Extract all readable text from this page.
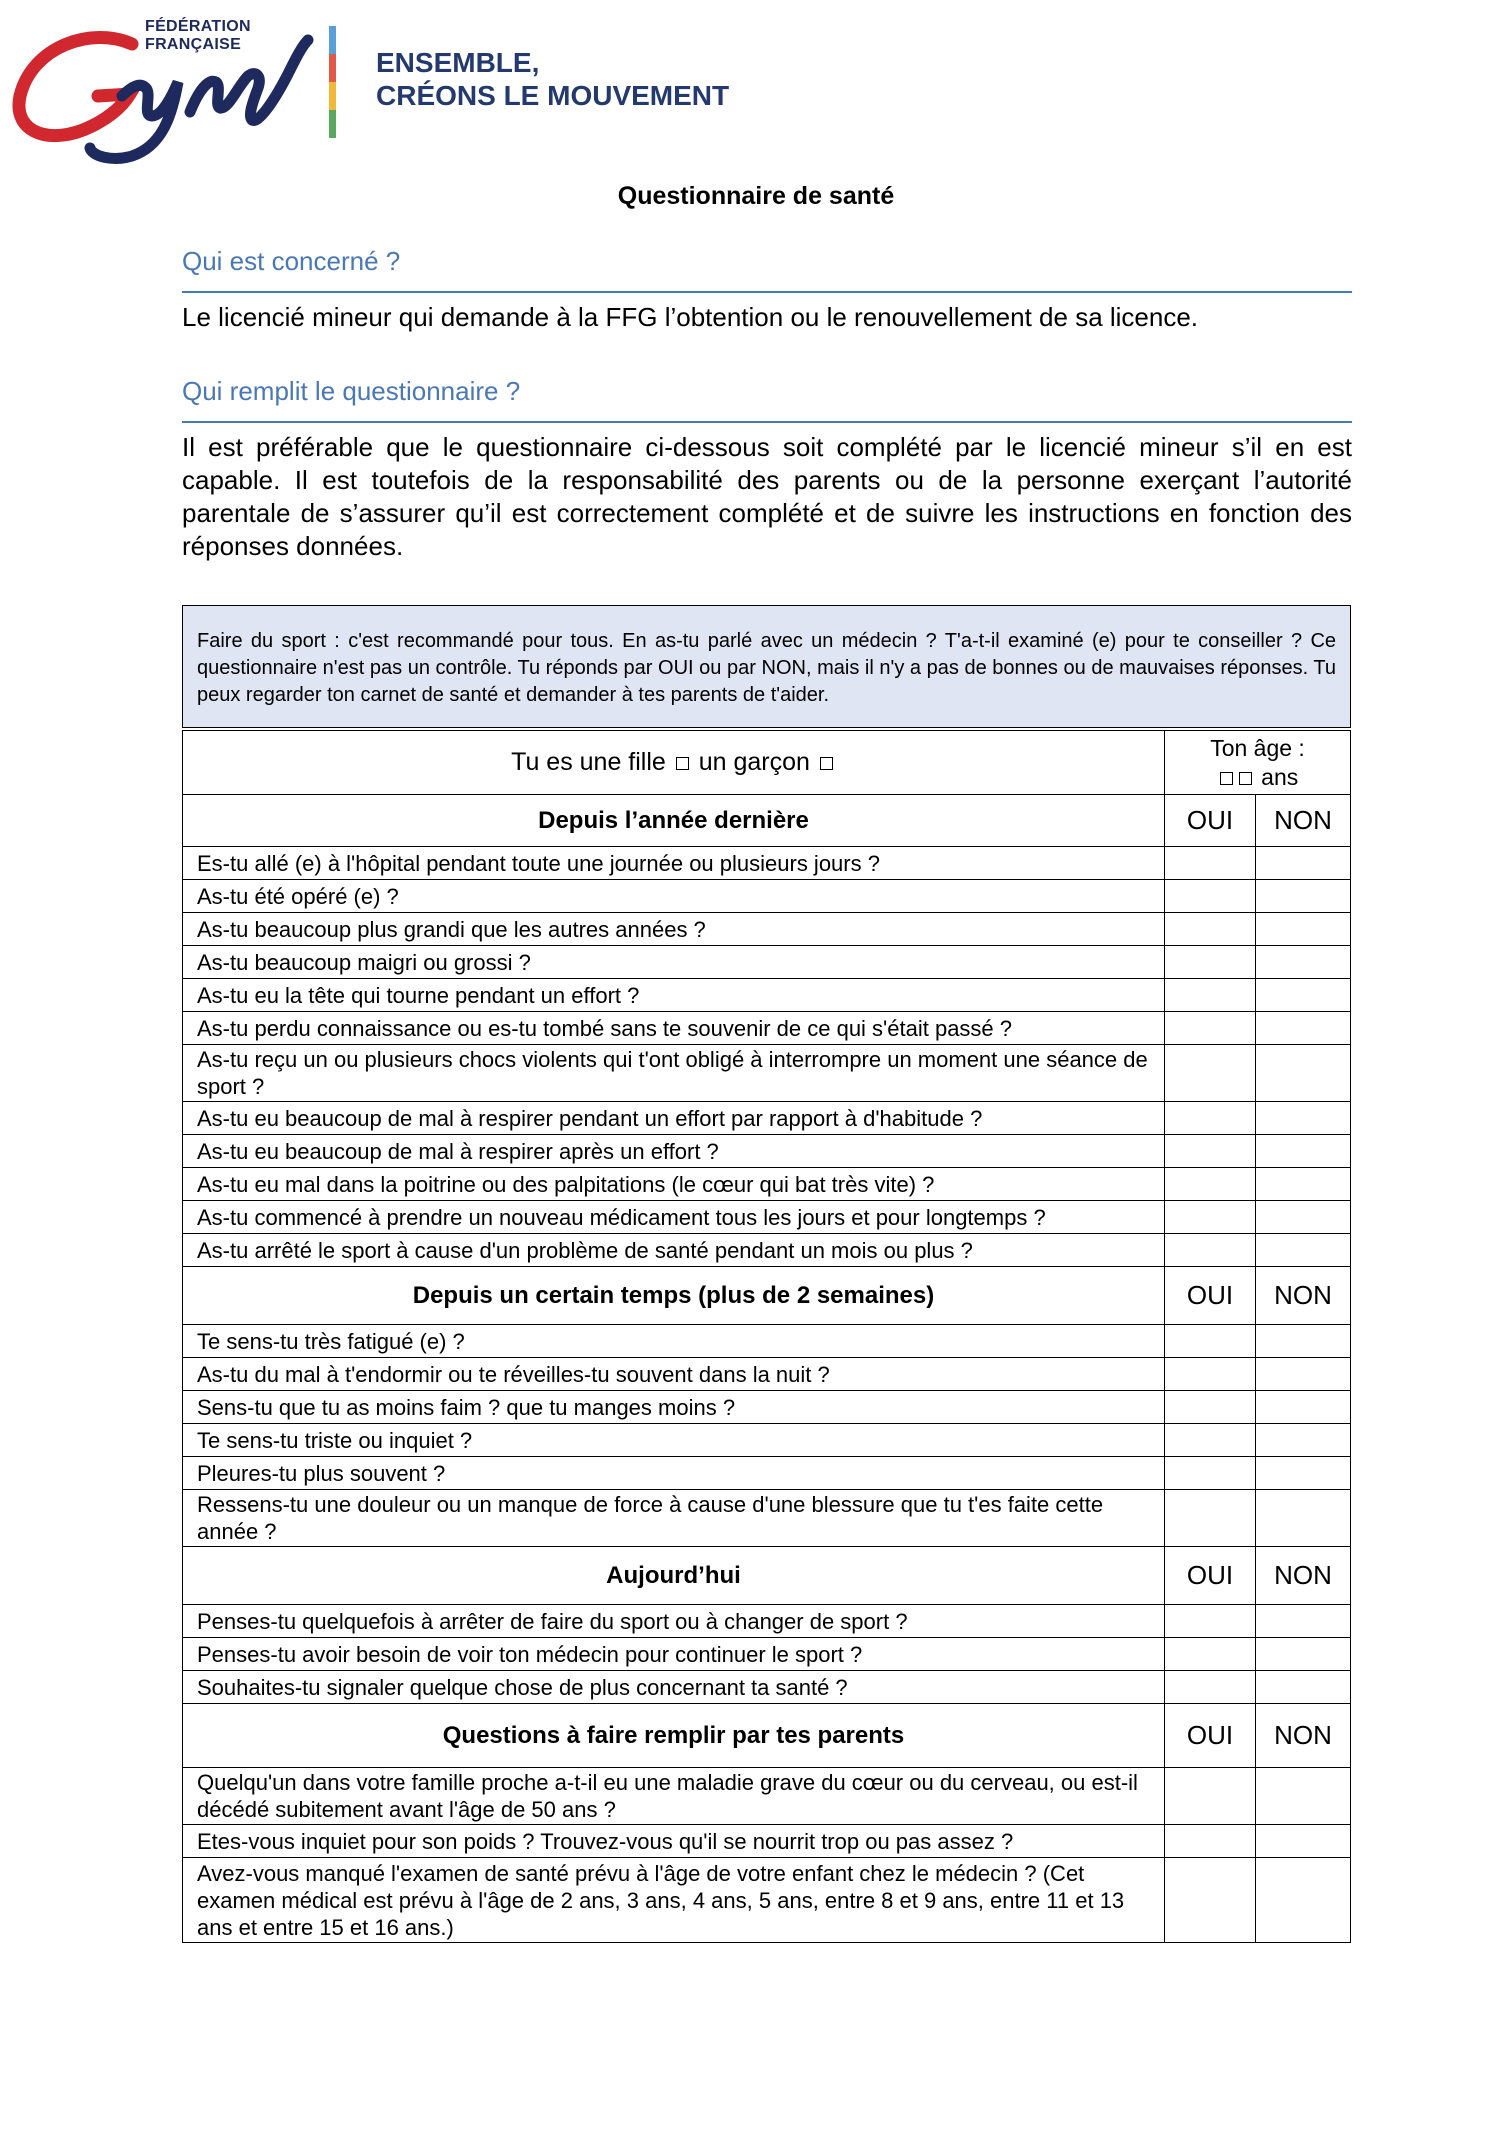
FÉDÉRATION
FRANÇAISE
ENSEMBLE,
CRÉONS LE MOUVEMENT
Questionnaire de santé
Qui est concerné ?

Le licencié mineur qui demande à la FFG l’obtention ou le renouvellement de sa licence.

Qui remplit le questionnaire ?

Il est préférable que le questionnaire ci-dessous soit complété par le licencié mineur s’il en est capable. Il est toutefois de la responsabilité des parents ou de la personne exerçant l’autorité parentale de s’assurer qu’il est correctement complété et de suivre les instructions en fonction des réponses données.

Faire du sport : c'est recommandé pour tous. En as-tu parlé avec un médecin ? T'a-t-il examiné (e) pour te conseiller ? Ce questionnaire n'est pas un contrôle. Tu réponds par OUI ou par NON, mais il n'y a pas de bonnes ou de mauvaises réponses. Tu peux regarder ton carnet de santé et demander à tes parents de t'aider.		

Tu es une fille un garçon	Ton âge :
ans	

Depuis l’année dernière	OUI	NON
Es-tu allé (e) à l'hôpital pendant toute une journée ou plusieurs jours ?		
As-tu été opéré (e) ?		
As-tu beaucoup plus grandi que les autres années ?		
As-tu beaucoup maigri ou grossi ?		
As-tu eu la tête qui tourne pendant un effort ?		
As-tu perdu connaissance ou es-tu tombé sans te souvenir de ce qui s'était passé ?		
As-tu reçu un ou plusieurs chocs violents qui t'ont obligé à interrompre un moment une séance de sport ?		
As-tu eu beaucoup de mal à respirer pendant un effort par rapport à d'habitude ?		
As-tu eu beaucoup de mal à respirer après un effort ?		
As-tu eu mal dans la poitrine ou des palpitations (le cœur qui bat très vite) ?		
As-tu commencé à prendre un nouveau médicament tous les jours et pour longtemps ?		
As-tu arrêté le sport à cause d'un problème de santé pendant un mois ou plus ?		
Depuis un certain temps (plus de 2 semaines)	OUI	NON
Te sens-tu très fatigué (e) ?		
As-tu du mal à t'endormir ou te réveilles-tu souvent dans la nuit ?		
Sens-tu que tu as moins faim ? que tu manges moins ?		
Te sens-tu triste ou inquiet ?		
Pleures-tu plus souvent ?		
Ressens-tu une douleur ou un manque de force à cause d'une blessure que tu t'es faite cette année ?		
Aujourd’hui	OUI	NON
Penses-tu quelquefois à arrêter de faire du sport ou à changer de sport ?		
Penses-tu avoir besoin de voir ton médecin pour continuer le sport ?		
Souhaites-tu signaler quelque chose de plus concernant ta santé ?		
Questions à faire remplir par tes parents	OUI	NON
Quelqu'un dans votre famille proche a-t-il eu une maladie grave du cœur ou du cerveau, ou est-il décédé subitement avant l'âge de 50 ans ?		
Etes-vous inquiet pour son poids ? Trouvez-vous qu'il se nourrit trop ou pas assez ?		
Avez-vous manqué l'examen de santé prévu à l'âge de votre enfant chez le médecin ? (Cet examen médical est prévu à l'âge de 2 ans, 3 ans, 4 ans, 5 ans, entre 8 et 9 ans, entre 11 et 13 ans et entre 15 et 16 ans.)		
